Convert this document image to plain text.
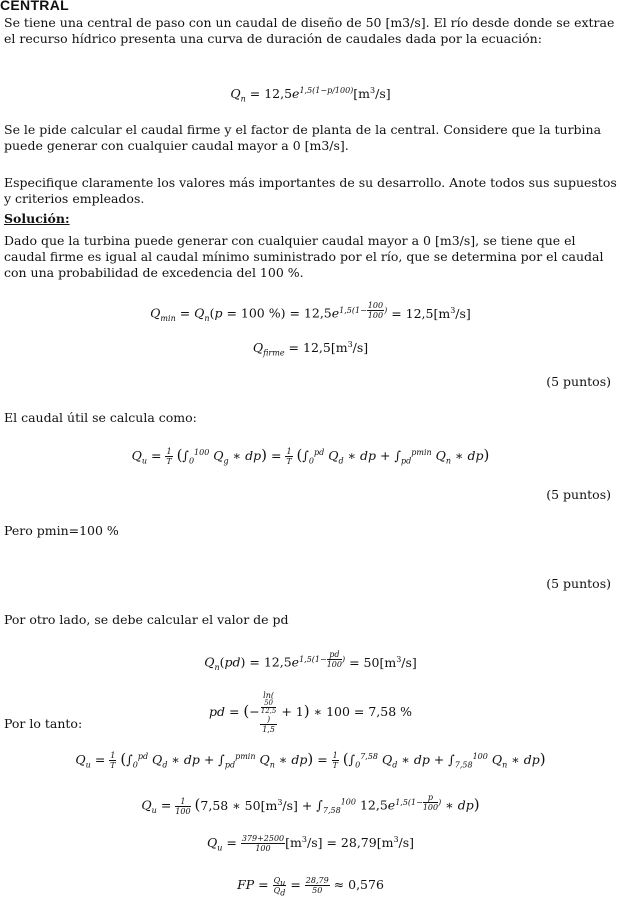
CENTRAL
Se tiene una central de paso con un caudal de diseño de 50 [m3/s]. El río desde donde se extrae el recurso hídrico presenta una curva de duración de caudales dada por la ecuación:
$Q_n = 12,5e^{1,5(1-p/100)}[m^3/s]$
Se le pide calcular el caudal firme y el factor de planta de la central. Considere que la turbina puede generar con cualquier caudal mayor a 0 [m3/s].
Especifique claramente los valores más importantes de su desarrollo. Anote todos sus supuestos y criterios empleados.
Solución:
Dado que la turbina puede generar con cualquier caudal mayor a 0 [m3/s], se tiene que el caudal firme es igual al caudal mínimo suministrado por el río, que se determina por el caudal con una probabilidad de excedencia del 100 %.
$Q_{min} = Q_n(p = 100$ %) = $12,5e^{1,5(1- \frac{100}{100} )} = 12,5[m^3/s]$
$Q_{firme} = 12,5[m^3/s]$
(5 puntos)
El caudal útil se calcula como:
$Q_u = \frac{1}{T} (\int_0^{100}$ $Q_g$ ∗ $dp) = \frac{1}{T} (\int_0^{pd}$ $Q_d$ ∗ dp + $\int_{pd}^{pmin}$ $Q_n$ ∗ dp)
(5 puntos)
Pero pmin=100 %
(5 puntos)
Por otro lado, se debe calcular el valor de pd
$Q_n(pd) = 12,5e^{1,5(1- \frac{pd}{100} )} = 50[m^3/s]$
pd = (− ln(
50
12,5
)
1,5 + 1) ∗ 100 = 7,58 %
Por lo tanto:
$Q_u = \frac{1}{T} (\int_0^{pd}$ $Q_d$ ∗ dp + $\int_{pd}^{pmin}$ $Q_n$ ∗ $dp) = \frac{1}{T} (\int_0^{7,58}$ $Q_d$ ∗ dp + $\int_{7,58}^{100}$ $Q_n$ ∗ dp)
$Q_u = \frac{1}{100} (7,58$ ∗ $50[m^3/s] + \int_{7,58}^{100}$ $12,5e^{1,5(1- \frac{p}{100} )}$ ∗ dp)
$Q_u = \frac{379+2500}{100} [m^3/s] = 28,79[m^3/s]$
FP = $\frac{Q_u}{Q_d} = \frac{28,79}{50} \approx 0,576$
